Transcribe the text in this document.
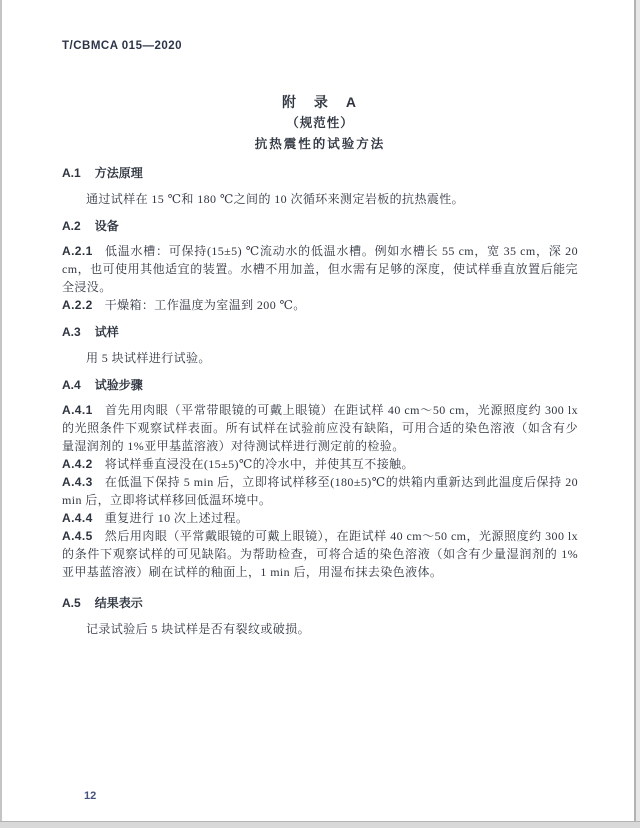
T/CBMCA 015—2020
附　录　A
（规范性）
抗热震性的试验方法
A.1 方法原理

通过试样在 15 ℃和 180 ℃之间的 10 次循环来测定岩板的抗热震性。

A.2 设备

A.2.1 低温水槽：可保持(15±5) ℃流动水的低温水槽。例如水槽长 55 cm，宽 35 cm，深 20 cm，也可使用其他适宜的装置。水槽不用加盖，但水需有足够的深度，使试样垂直放置后能完全浸没。

A.2.2 干燥箱：工作温度为室温到 200 ℃。

A.3 试样

用 5 块试样进行试验。

A.4 试验步骤

A.4.1 首先用肉眼（平常带眼镜的可戴上眼镜）在距试样 40 cm～50 cm，光源照度约 300 lx 的光照条件下观察试样表面。所有试样在试验前应没有缺陷，可用合适的染色溶液（如含有少量湿润剂的 1%亚甲基蓝溶液）对待测试样进行测定前的检验。

A.4.2 将试样垂直浸没在(15±5)℃的冷水中，并使其互不接触。

A.4.3 在低温下保持 5 min 后，立即将试样移至(180±5)℃的烘箱内重新达到此温度后保持 20 min 后，立即将试样移回低温环境中。

A.4.4 重复进行 10 次上述过程。

A.4.5 然后用肉眼（平常戴眼镜的可戴上眼镜），在距试样 40 cm～50 cm，光源照度约 300 lx 的条件下观察试样的可见缺陷。为帮助检查，可将合适的染色溶液（如含有少量湿润剂的 1%亚甲基蓝溶液）刷在试样的釉面上，1 min 后，用湿布抹去染色液体。

A.5 结果表示

记录试验后 5 块试样是否有裂纹或破损。

12
